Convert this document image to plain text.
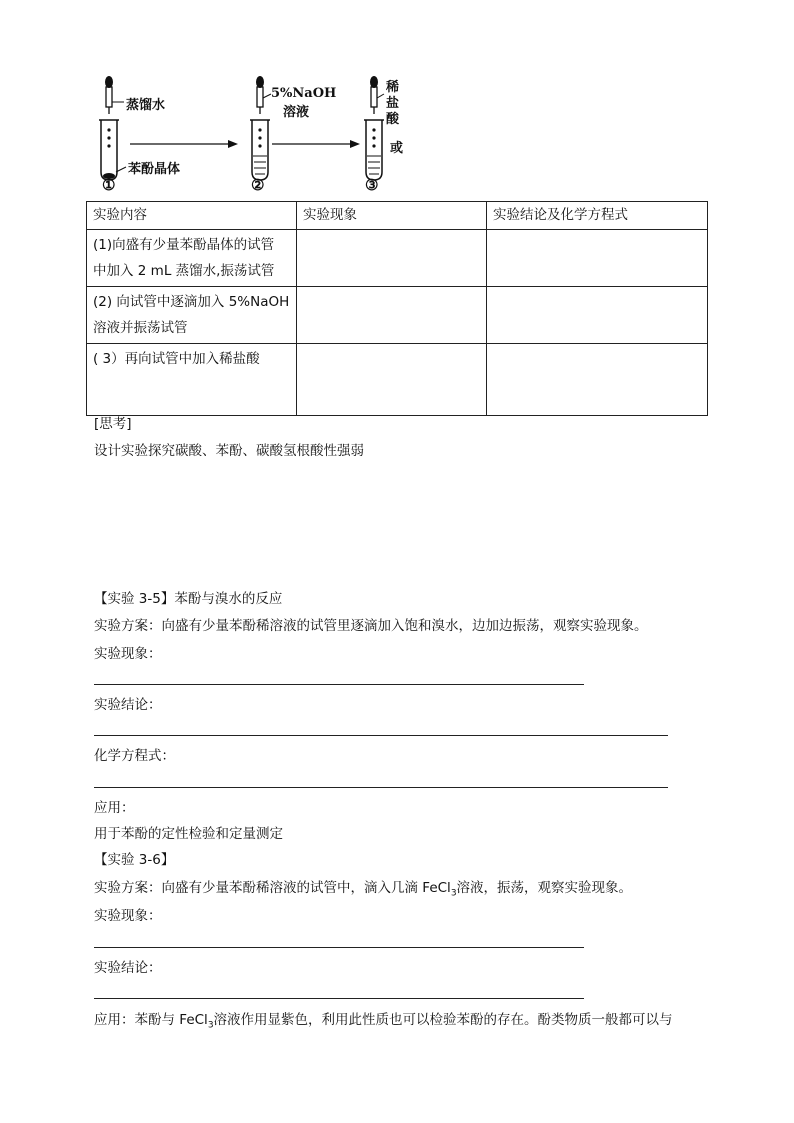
蒸馏水
苯酚晶体
5%NaOH
溶液
稀
盐
酸
或
①	②	③
实验内容	实验现象	实验结论及化学方程式

(1)向盛有少量苯酚晶体的试管
中加入 2 mL 蒸馏水,振荡试管		

(2) 向试管中逐滴加入 5%NaOH
溶液并振荡试管		

( 3）再向试管中加入稀盐酸		

[思考]
设计实验探究碳酸、苯酚、碳酸氢根酸性强弱
【实验 3-5】苯酚与溴水的反应
实验方案：向盛有少量苯酚稀溶液的试管里逐滴加入饱和溴水，边加边振荡，观察实验现象。
实验现象：
实验结论：
化学方程式：
应用：
用于苯酚的定性检验和定量测定
【实验 3-6】
实验方案：向盛有少量苯酚稀溶液的试管中，滴入几滴 FeCl$_3$溶液，振荡，观察实验现象。
实验现象：
实验结论：
应用：苯酚与 FeCl$_3$溶液作用显紫色，利用此性质也可以检验苯酚的存在。酚类物质一般都可以与
